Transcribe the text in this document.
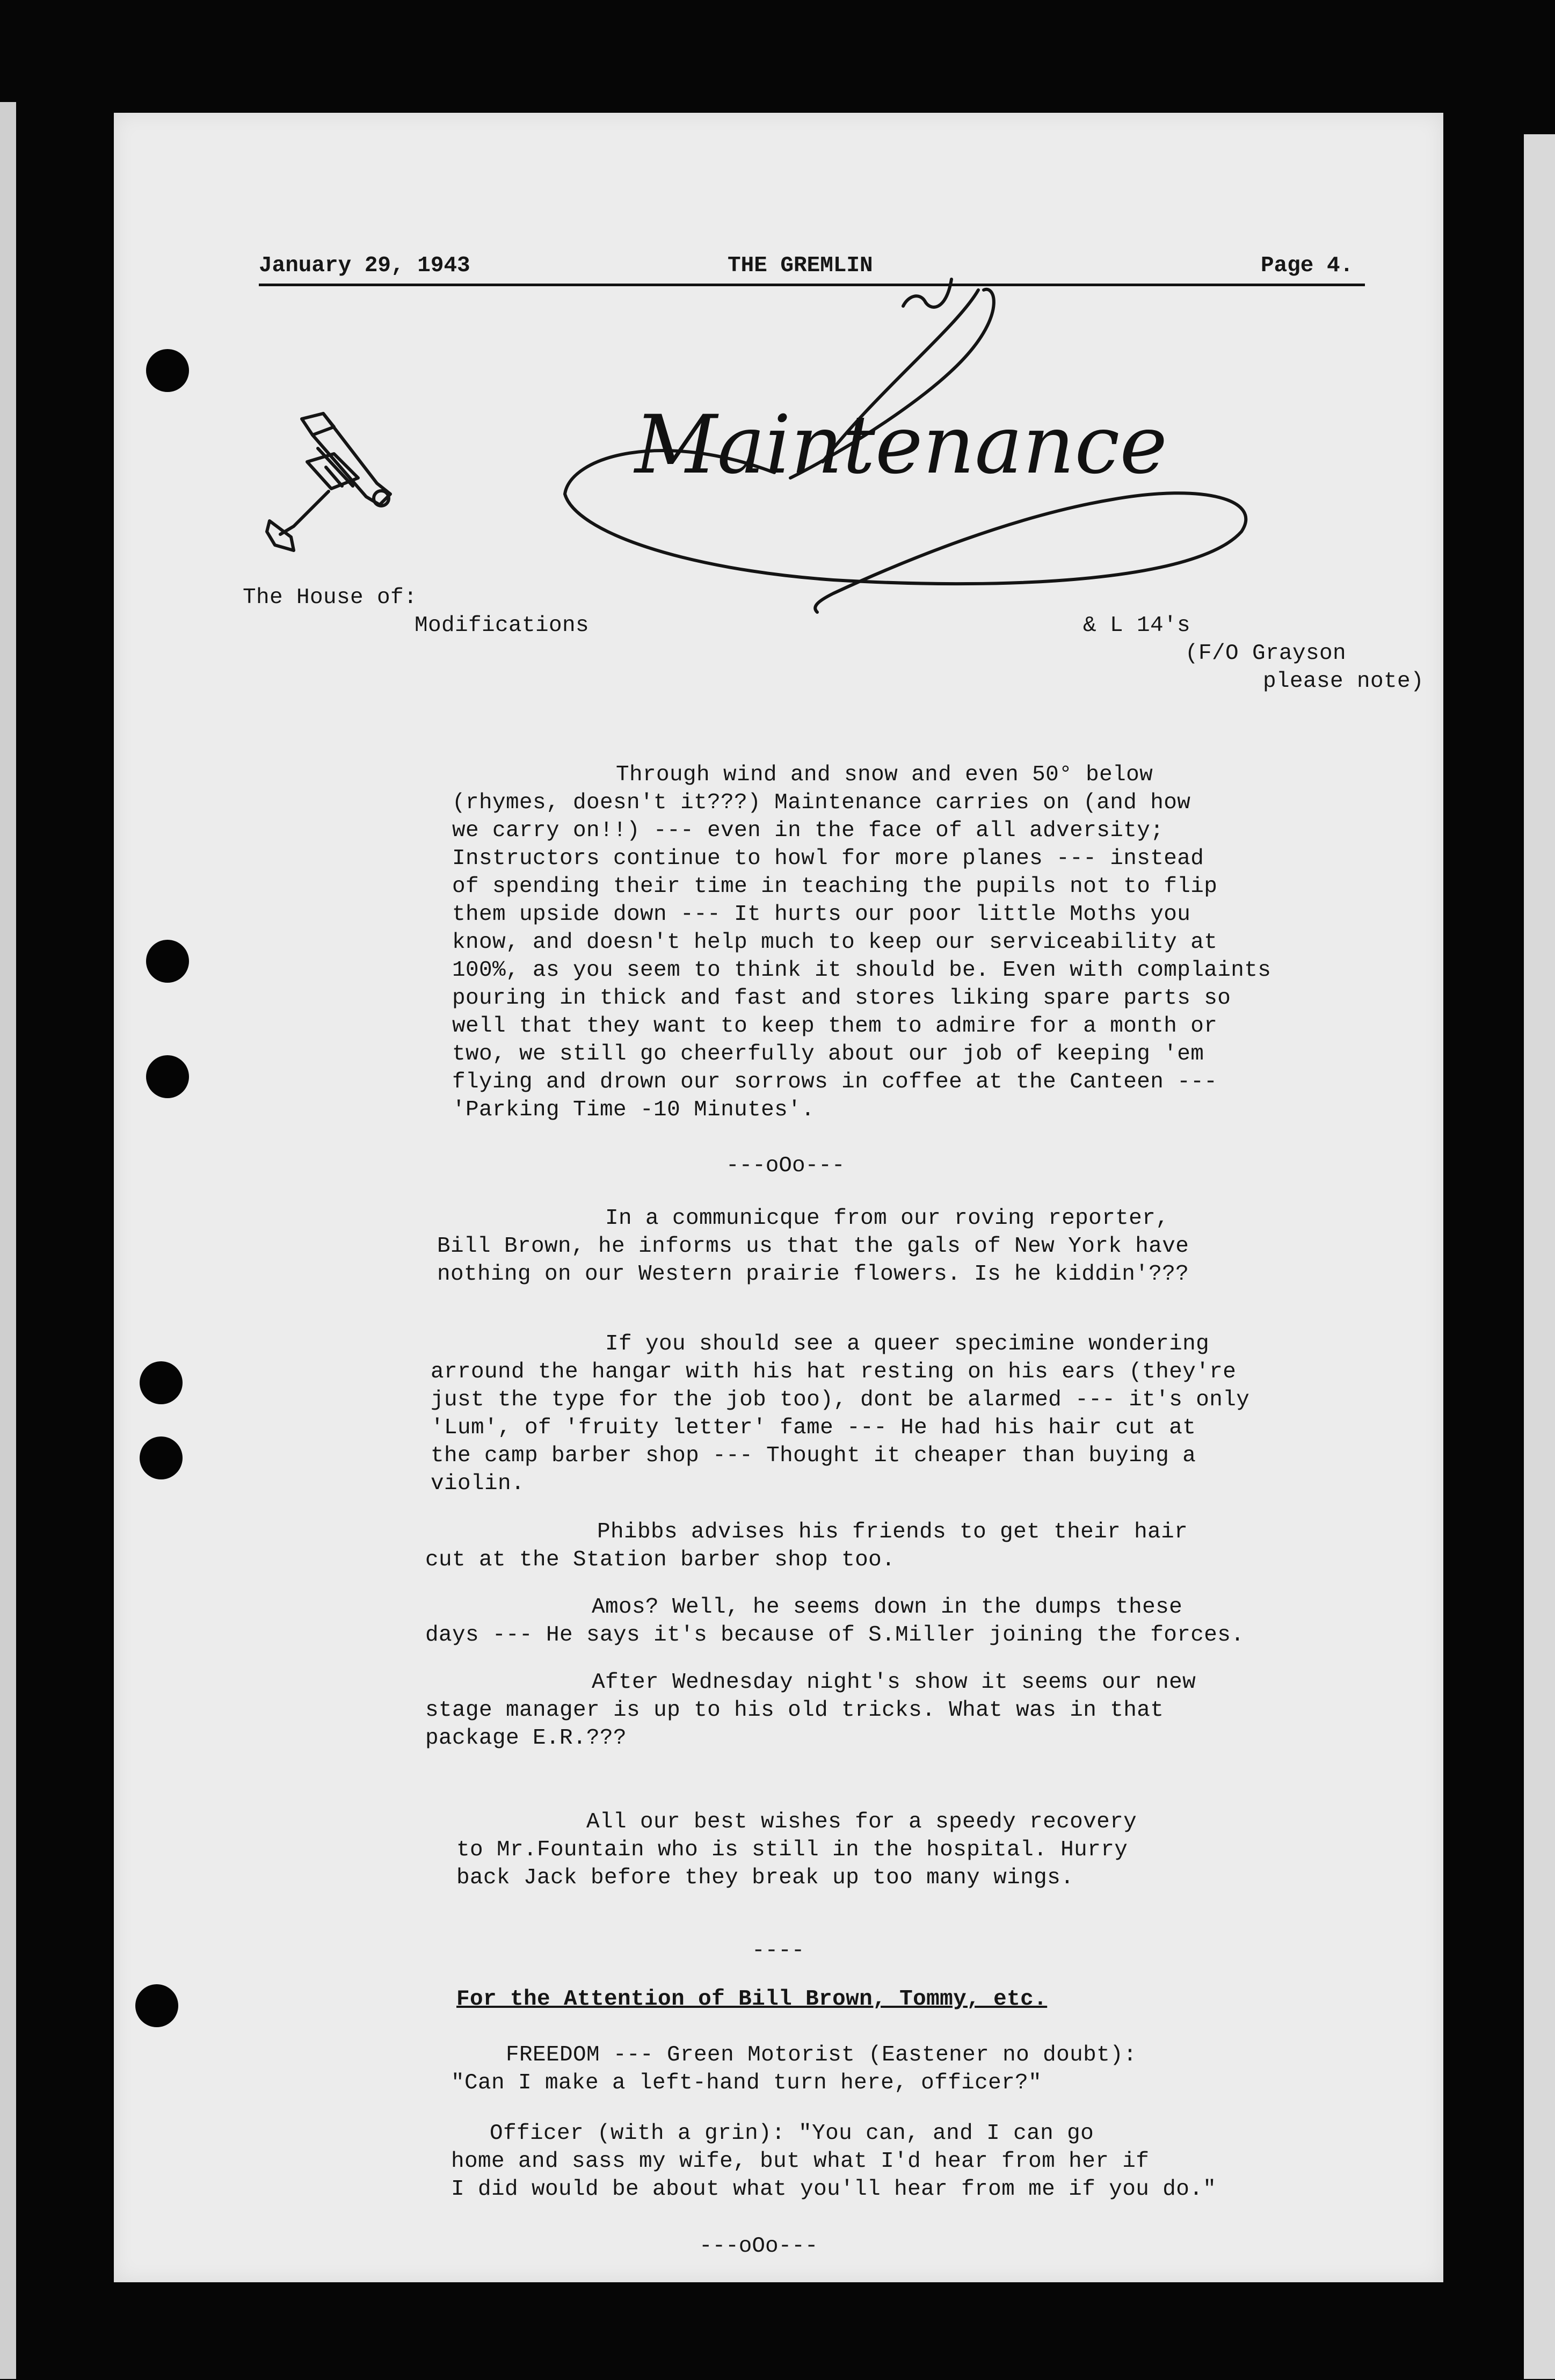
January 29, 1943	THE GREMLIN	Page 4.
Maintenance
The House of:
Modifications	& L 14's
(F/O Grayson
please note)
Through wind and snow and even 50° below
(rhymes, doesn't it???) Maintenance carries on (and how
we carry on!!) --- even in the face of all adversity;
Instructors continue to howl for more planes --- instead
of spending their time in teaching the pupils not to flip
them upside down --- It hurts our poor little Moths you
know, and doesn't help much to keep our serviceability at
100%, as you seem to think it should be. Even with complaints
pouring in thick and fast and stores liking spare parts so
well that they want to keep them to admire for a month or
two, we still go cheerfully about our job of keeping 'em
flying and drown our sorrows in coffee at the Canteen ---
'Parking Time -10 Minutes'.
---oOo---
In a communicque from our roving reporter,
Bill Brown, he informs us that the gals of New York have
nothing on our Western prairie flowers. Is he kiddin'???
If you should see a queer specimine wondering
arround the hangar with his hat resting on his ears (they're
just the type for the job too), dont be alarmed --- it's only
'Lum', of 'fruity letter' fame --- He had his hair cut at
the camp barber shop --- Thought it cheaper than buying a
violin.
Phibbs advises his friends to get their hair
cut at the Station barber shop too.
Amos? Well, he seems down in the dumps these
days --- He says it's because of S.Miller joining the forces.
After Wednesday night's show it seems our new
stage manager is up to his old tricks. What was in that
package E.R.???
All our best wishes for a speedy recovery
to Mr.Fountain who is still in the hospital. Hurry
back Jack before they break up too many wings.
----
For the Attention of Bill Brown, Tommy, etc.
FREEDOM --- Green Motorist (Eastener no doubt):
"Can I make a left-hand turn here, officer?"
Officer (with a grin): "You can, and I can go
home and sass my wife, but what I'd hear from her if
I did would be about what you'll hear from me if you do."
---oOo---
